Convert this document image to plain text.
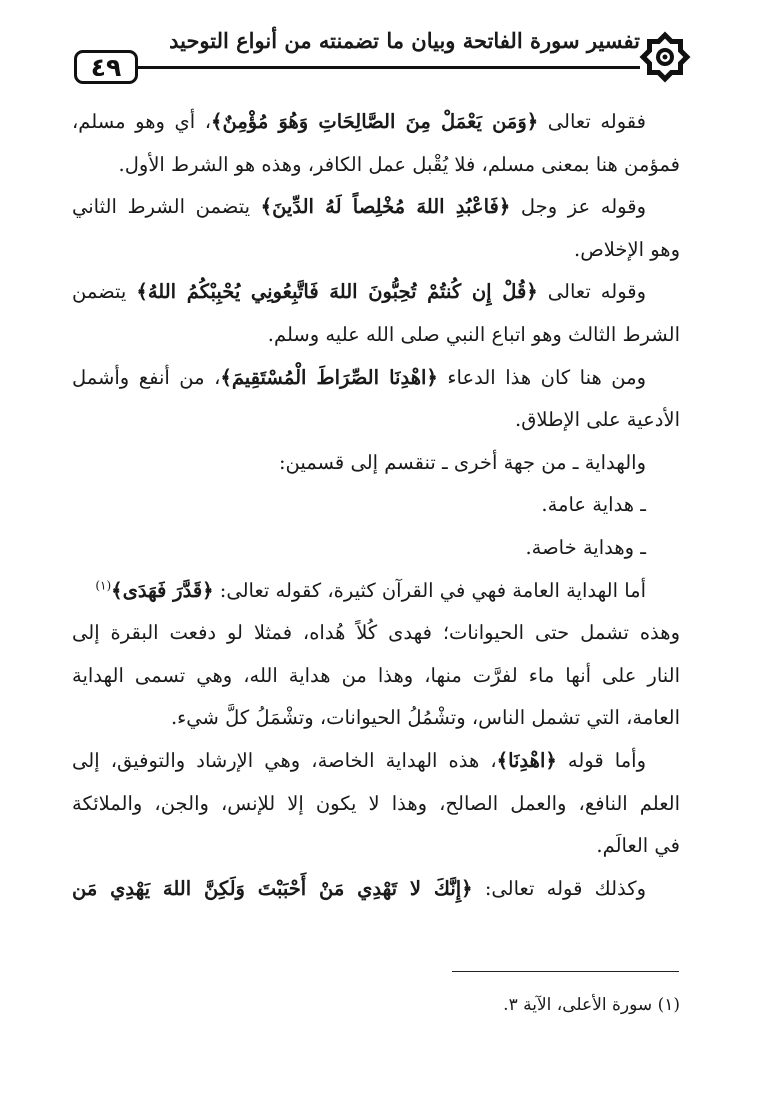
٤٩
تفسير سورة الفاتحة وبيان ما تضمنته من أنواع التوحيد
فقوله تعالى ﴿وَمَن يَعْمَلْ مِنَ الصَّالِحَاتِ وَهُوَ مُؤْمِنٌ﴾، أي وهو مسلم،
فمؤمن هنا بمعنى مسلم، فلا يُقْبل عمل الكافر، وهذه هو الشرط الأول.
وقوله عز وجل ﴿فَاعْبُدِ اللهَ مُخْلِصاً لَهُ الدِّينَ﴾ يتضمن الشرط الثاني
وهو الإخلاص.
وقوله تعالى ﴿قُلْ إِن كُنتُمْ تُحِبُّونَ اللهَ فَاتَّبِعُونِي يُحْبِبْكُمُ اللهُ﴾ يتضمن
الشرط الثالث وهو اتباع النبي صلى الله عليه وسلم.
ومن هنا كان هذا الدعاء ﴿اهْدِنَا الصِّرَاطَ الْمُسْتَقِيمَ﴾، من أنفع وأشمل
الأدعية على الإطلاق.
والهداية ـ من جهة أخرى ـ تنقسم إلى قسمين:
ـ هداية عامة.
ـ وهداية خاصة.
أما الهداية العامة فهي في القرآن كثيرة، كقوله تعالى: ﴿قَدَّرَ فَهَدَى﴾$^{(١)}$
وهذه تشمل حتى الحيوانات؛ فهدى كُلاً هُداه، فمثلا لو دفعت البقرة إلى
النار على أنها ماء لفرَّت منها، وهذا من هداية الله، وهي تسمى الهداية
العامة، التي تشمل الناس، وتشْمُلُ الحيوانات، وتشْمَلُ كلَّ شيء.
وأما قوله ﴿اهْدِنَا﴾، هذه الهداية الخاصة، وهي الإرشاد والتوفيق، إلى
العلم النافع، والعمل الصالح، وهذا لا يكون إلا للإنس، والجن، والملائكة
في العالَم.
وكذلك قوله تعالى: ﴿إِنَّكَ لا تَهْدِي مَنْ أَحْبَبْتَ وَلَكِنَّ اللهَ يَهْدِي مَن
(١) سورة الأعلى، الآية ٣.
